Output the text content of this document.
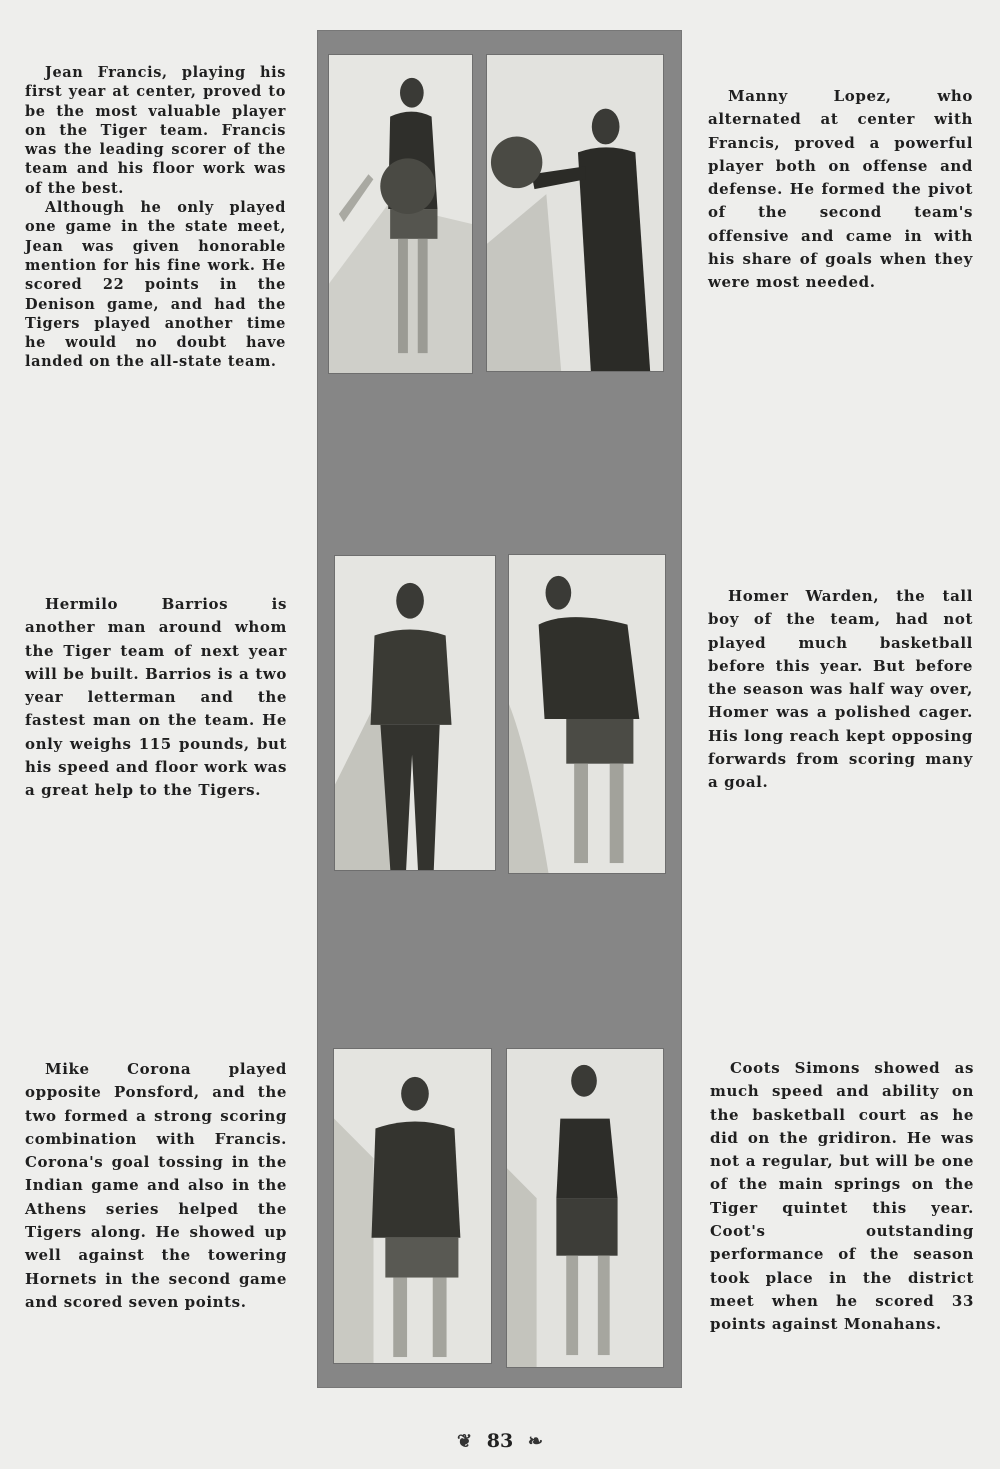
Jean Francis, playing his first year at center, proved to be the most valuable player on the Tiger team. Francis was the leading scorer of the team and his floor work was of the best.

Although he only played one game in the state meet, Jean was given honorable mention for his fine work. He scored 22 points in the Denison game, and had the Tigers played another time he would no doubt have landed on the all-state team.

Manny Lopez, who alternated at center with Francis, proved a powerful player both on offense and defense. He formed the pivot of the second team's offensive and came in with his share of goals when they were most needed.

Hermilo Barrios is another man around whom the Tiger team of next year will be built. Barrios is a two year letterman and the fastest man on the team. He only weighs 115 pounds, but his speed and floor work was a great help to the Tigers.

Homer Warden, the tall boy of the team, had not played much basketball before this year. But before the season was half way over, Homer was a polished cager. His long reach kept opposing forwards from scoring many a goal.

Mike Corona played opposite Ponsford, and the two formed a strong scoring combination with Francis. Corona's goal tossing in the Indian game and also in the Athens series helped the Tigers along. He showed up well against the towering Hornets in the second game and scored seven points.

Coots Simons showed as much speed and ability on the basketball court as he did on the gridiron. He was not a regular, but will be one of the main springs on the Tiger quintet this year. Coot's outstanding performance of the season took place in the district meet when he scored 33 points against Monahans.

❦ 83 ❧
